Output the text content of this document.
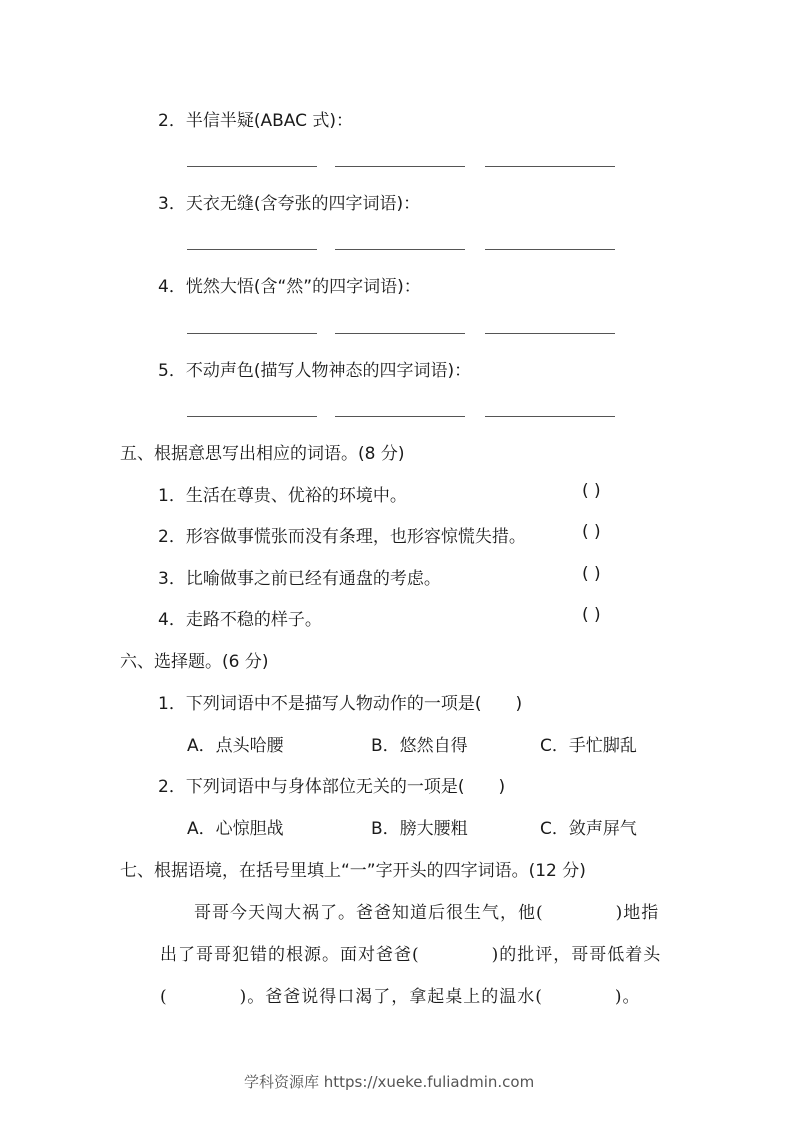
2．半信半疑(ABAC 式)：
3．天衣无缝(含夸张的四字词语)：
4．恍然大悟(含“然”的四字词语)：
5．不动声色(描写人物神态的四字词语)：
五、根据意思写出相应的词语。(8 分)
1．生活在尊贵、优裕的环境中。	( )
2．形容做事慌张而没有条理，也形容惊慌失措。	( )
3．比喻做事之前已经有通盘的考虑。	( )
4．走路不稳的样子。	( )
六、选择题。(6 分)
1．下列词语中不是描写人物动作的一项是(　　)
A．点头哈腰	B．悠然自得	C．手忙脚乱
2．下列词语中与身体部位无关的一项是(　　)
A．心惊胆战	B．膀大腰粗	C．敛声屏气
七、根据语境，在括号里填上“一”字开头的四字词语。(12 分)
哥哥今天闯大祸了。爸爸知道后很生气，他(　　　　)地指
出了哥哥犯错的根源。面对爸爸(　　　　)的批评，哥哥低着头
(　　　　)。爸爸说得口渴了，拿起桌上的温水(　　　　)。
学科资源库 https://xueke.fuliadmin.com
